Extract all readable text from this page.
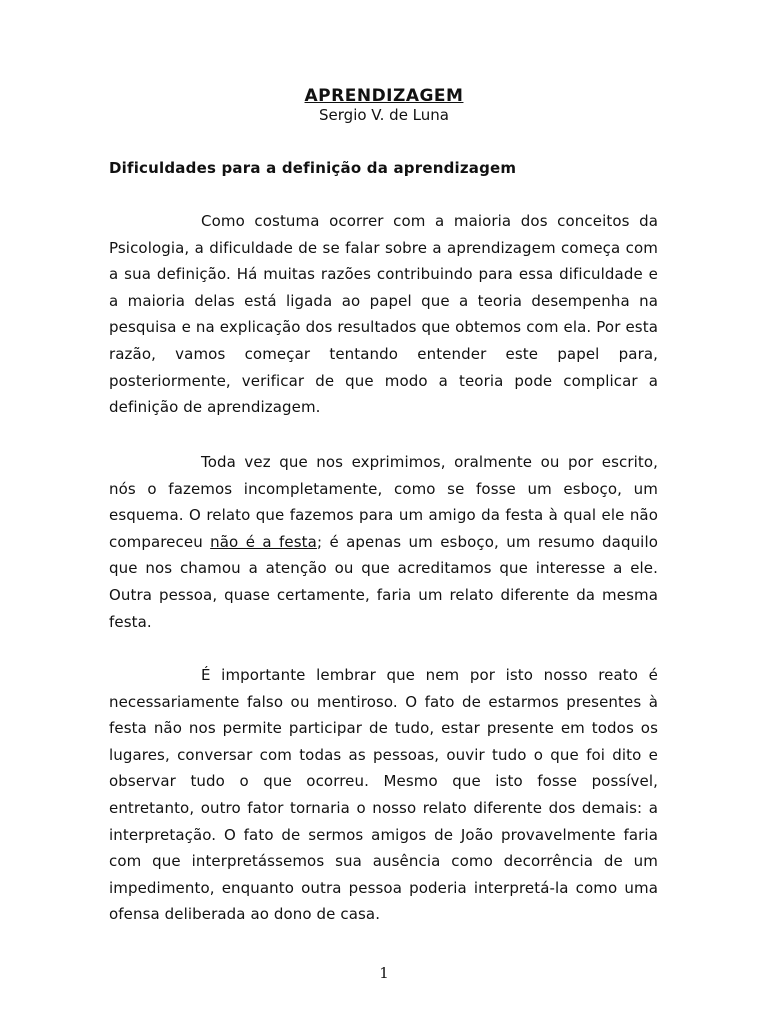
APRENDIZAGEM
Sergio V. de Luna
Dificuldades para a definição da aprendizagem

Como costuma ocorrer com a maioria dos conceitos da Psicologia, a dificuldade de se falar sobre a aprendizagem começa com a sua definição. Há muitas razões contribuindo para essa dificuldade e a maioria delas está ligada ao papel que a teoria desempenha na pesquisa e na explicação dos resultados que obtemos com ela. Por esta razão, vamos começar tentando entender este papel para, posteriormente, verificar de que modo a teoria pode complicar a definição de aprendizagem.

Toda vez que nos exprimimos, oralmente ou por escrito, nós o fazemos incompletamente, como se fosse um esboço, um esquema. O relato que fazemos para um amigo da festa à qual ele não compareceu não é a festa; é apenas um esboço, um resumo daquilo que nos chamou a atenção ou que acreditamos que interesse a ele. Outra pessoa, quase certamente, faria um relato diferente da mesma festa.

É importante lembrar que nem por isto nosso reato é necessariamente falso ou mentiroso. O fato de estarmos presentes à festa não nos permite participar de tudo, estar presente em todos os lugares, conversar com todas as pessoas, ouvir tudo o que foi dito e observar tudo o que ocorreu. Mesmo que isto fosse possível, entretanto, outro fator tornaria o nosso relato diferente dos demais: a interpretação. O fato de sermos amigos de João provavelmente faria com que interpretássemos sua ausência como decorrência de um impedimento, enquanto outra pessoa poderia interpretá-la como uma ofensa deliberada ao dono de casa.

1
